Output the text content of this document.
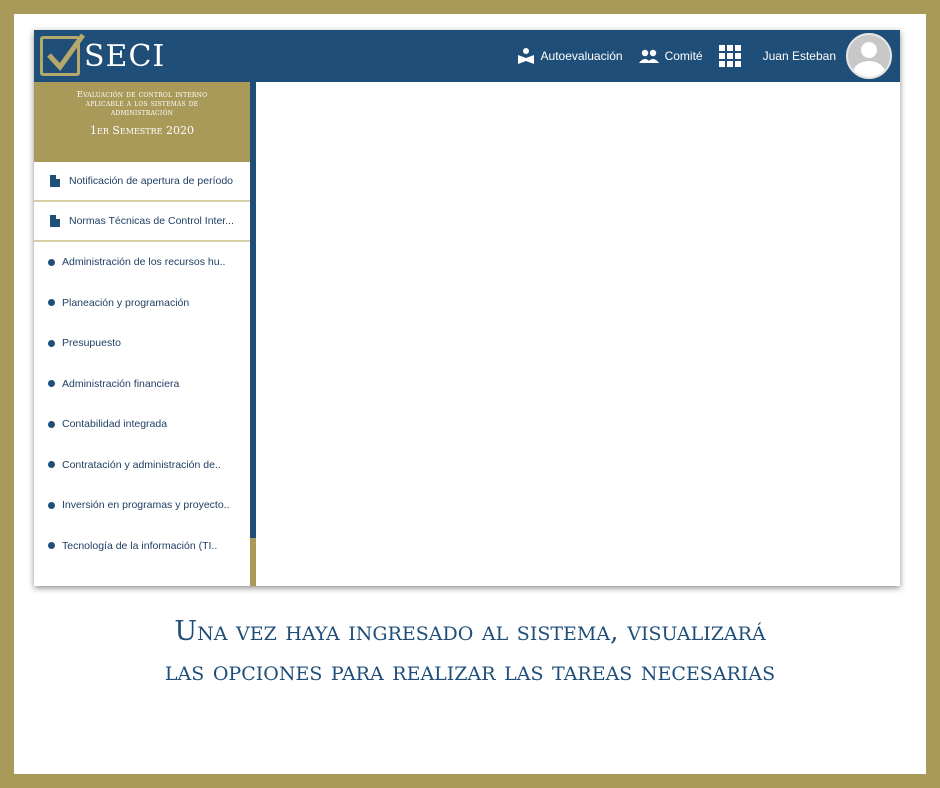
SECI	Autoevaluación	Comité	Juan Esteban
Evaluación de control interno aplicable a los sistemas de administración
1er Semestre 2020
Notificación de apertura de período
Normas Técnicas de Control Inter...
Administración de los recursos hu..
Planeación y programación
Presupuesto
Administración financiera
Contabilidad integrada
Contratación y administración de..
Inversión en programas y proyecto..
Tecnología de la información (TI..
Una vez haya ingresado al sistema, visualizará
las opciones para realizar las tareas necesarias
